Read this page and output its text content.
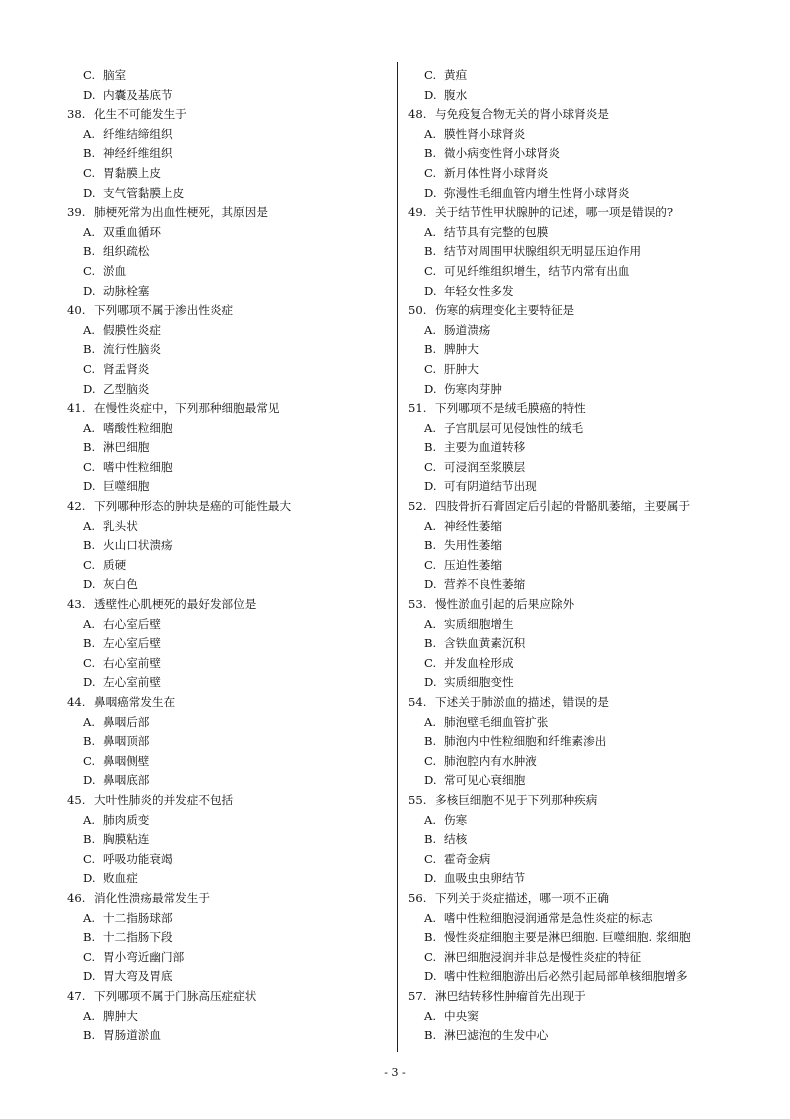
C. 脑室
D. 内囊及基底节
38. 化生不可能发生于
A. 纤维结缔组织
B. 神经纤维组织
C. 胃黏膜上皮
D. 支气管黏膜上皮
39. 肺梗死常为出血性梗死，其原因是
A. 双重血循环
B. 组织疏松
C. 淤血
D. 动脉栓塞
40. 下列哪项不属于渗出性炎症
A. 假膜性炎症
B. 流行性脑炎
C. 肾盂肾炎
D. 乙型脑炎
41. 在慢性炎症中，下列那种细胞最常见
A. 嗜酸性粒细胞
B. 淋巴细胞
C. 嗜中性粒细胞
D. 巨噬细胞
42. 下列哪种形态的肿块是癌的可能性最大
A. 乳头状
B. 火山口状溃疡
C. 质硬
D. 灰白色
43. 透壁性心肌梗死的最好发部位是
A. 右心室后壁
B. 左心室后壁
C. 右心室前壁
D. 左心室前壁
44. 鼻咽癌常发生在
A. 鼻咽后部
B. 鼻咽顶部
C. 鼻咽侧壁
D. 鼻咽底部
45. 大叶性肺炎的并发症不包括
A. 肺肉质变
B. 胸膜粘连
C. 呼吸功能衰竭
D. 败血症
46. 消化性溃疡最常发生于
A. 十二指肠球部
B. 十二指肠下段
C. 胃小弯近幽门部
D. 胃大弯及胃底
47. 下列哪项不属于门脉高压症症状
A. 脾肿大
B. 胃肠道淤血
C. 黄疸
D. 腹水
48. 与免疫复合物无关的肾小球肾炎是
A. 膜性肾小球肾炎
B. 微小病变性肾小球肾炎
C. 新月体性肾小球肾炎
D. 弥漫性毛细血管内增生性肾小球肾炎
49. 关于结节性甲状腺肿的记述，哪一项是错误的?
A. 结节具有完整的包膜
B. 结节对周围甲状腺组织无明显压迫作用
C. 可见纤维组织增生，结节内常有出血
D. 年轻女性多发
50. 伤寒的病理变化主要特征是
A. 肠道溃疡
B. 脾肿大
C. 肝肿大
D. 伤寒肉芽肿
51. 下列哪项不是绒毛膜癌的特性
A. 子宫肌层可见侵蚀性的绒毛
B. 主要为血道转移
C. 可浸润至浆膜层
D. 可有阴道结节出现
52. 四肢骨折石膏固定后引起的骨骼肌萎缩，主要属于
A. 神经性萎缩
B. 失用性萎缩
C. 压迫性萎缩
D. 营养不良性萎缩
53. 慢性淤血引起的后果应除外
A. 实质细胞增生
B. 含铁血黄素沉积
C. 并发血栓形成
D. 实质细胞变性
54. 下述关于肺淤血的描述，错误的是
A. 肺泡壁毛细血管扩张
B. 肺泡内中性粒细胞和纤维素渗出
C. 肺泡腔内有水肿液
D. 常可见心衰细胞
55. 多核巨细胞不见于下列那种疾病
A. 伤寒
B. 结核
C. 霍奇金病
D. 血吸虫虫卵结节
56. 下列关于炎症描述，哪一项不正确
A. 嗜中性粒细胞浸润通常是急性炎症的标志
B. 慢性炎症细胞主要是淋巴细胞. 巨噬细胞. 浆细胞
C. 淋巴细胞浸润并非总是慢性炎症的特征
D. 嗜中性粒细胞游出后必然引起局部单核细胞增多
57. 淋巴结转移性肿瘤首先出现于
A. 中央窦
B. 淋巴滤泡的生发中心
- 3 -
